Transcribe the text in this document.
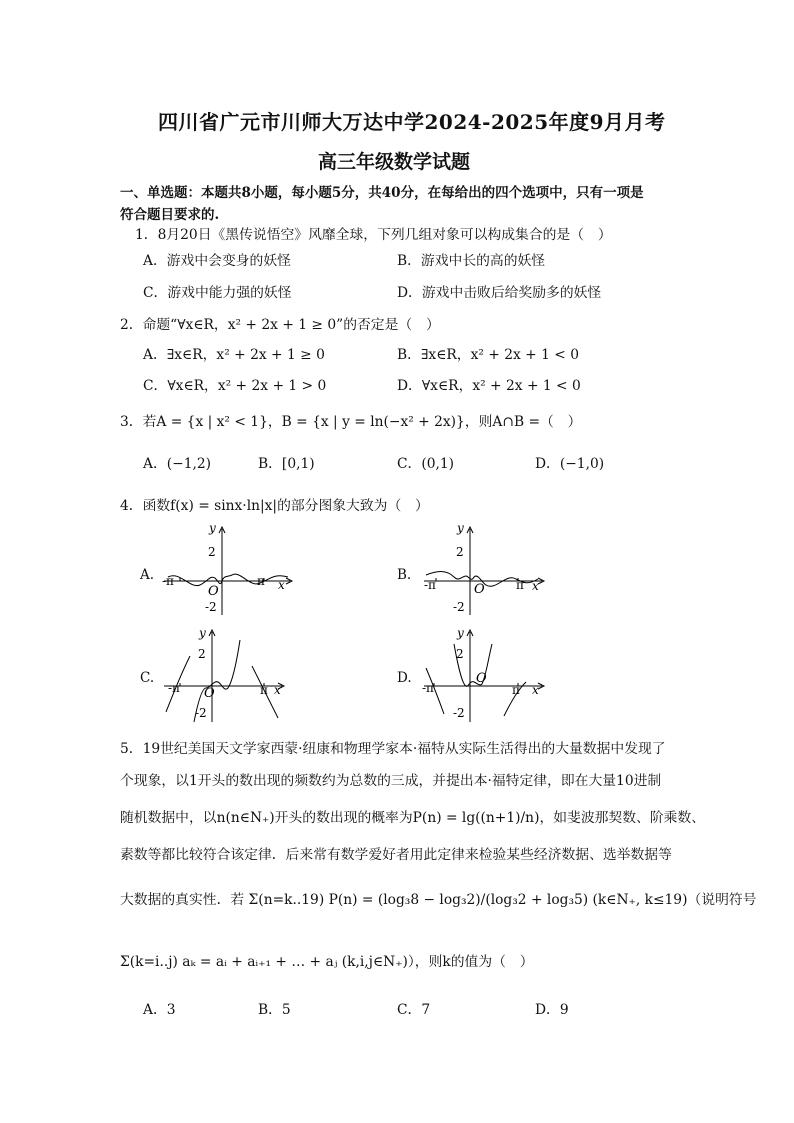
四川省广元市川师大万达中学2024-2025年度9月月考
高三年级数学试题
一、单选题：本题共8小题，每小题5分，共40分，在每给出的四个选项中，只有一项是
符合题目要求的.
1．8月20日《黑传说悟空》风靡全球，下列几组对象可以构成集合的是（　）
A．游戏中会变身的妖怪	B．游戏中长的高的妖怪
C．游戏中能力强的妖怪	D．游戏中击败后给奖励多的妖怪
2．命题“∀x∈R，x² + 2x + 1 ≥ 0”的否定是（　）
A．∃x∈R，x² + 2x + 1 ≥ 0	B．∃x∈R，x² + 2x + 1 < 0
C．∀x∈R，x² + 2x + 1 > 0	D．∀x∈R，x² + 2x + 1 < 0
3．若A = {x | x² < 1}，B = {x | y = ln(−x² + 2x)}，则A∩B =（　）
A．(−1,2)	B．[0,1)	C．(0,1)	D．(−1,0)
4．函数f(x) = sinx·ln|x|的部分图象大致为（　）
A.
y
2
-2
-π	π x
O
B.
y
2
-2
-π	π x
O
C.
y
2
-2
-π	π x
O
D.
y
2
-2
-π	π x
O
5．19世纪美国天文学家西蒙·纽康和物理学家本·福特从实际生活得出的大量数据中发现了
个现象，以1开头的数出现的频数约为总数的三成，并提出本·福特定律，即在大量10进制
随机数据中，以n(n∈N₊)开头的数出现的概率为P(n) = lg((n+1)/n)，如斐波那契数、阶乘数、
素数等都比较符合该定律．后来常有数学爱好者用此定律来检验某些经济数据、选举数据等
大数据的真实性．若 Σ(n=k..19) P(n) = (log₃8 − log₃2)/(log₃2 + log₃5) (k∈N₊, k≤19)（说明符号
Σ(k=i..j) aₖ = aᵢ + aᵢ₊₁ + … + aⱼ (k,i,j∈N₊)），则k的值为（　）
A．3	B．5	C．7	D．9
